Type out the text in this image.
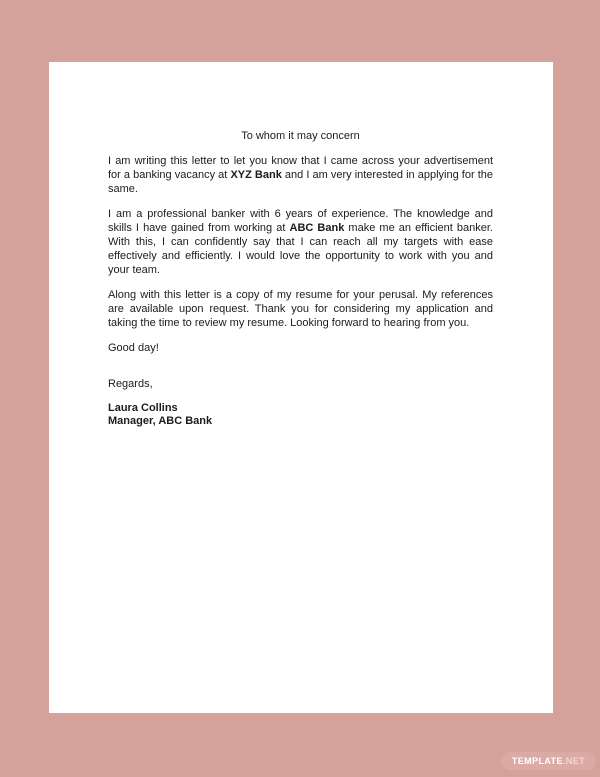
To whom it may concern

I am writing this letter to let you know that I came across your advertisement for a banking vacancy at XYZ Bank and I am very interested in applying for the same.

I am a professional banker with 6 years of experience. The knowledge and skills I have gained from working at ABC Bank make me an efficient banker. With this, I can confidently say that I can reach all my targets with ease effectively and efficiently. I would love the opportunity to work with you and your team.

Along with this letter is a copy of my resume for your perusal. My references are available upon request. Thank you for considering my application and taking the time to review my resume. Looking forward to hearing from you.

Good day!

Regards,

Laura Collins
Manager, ABC Bank
TEMPLATE .NET
